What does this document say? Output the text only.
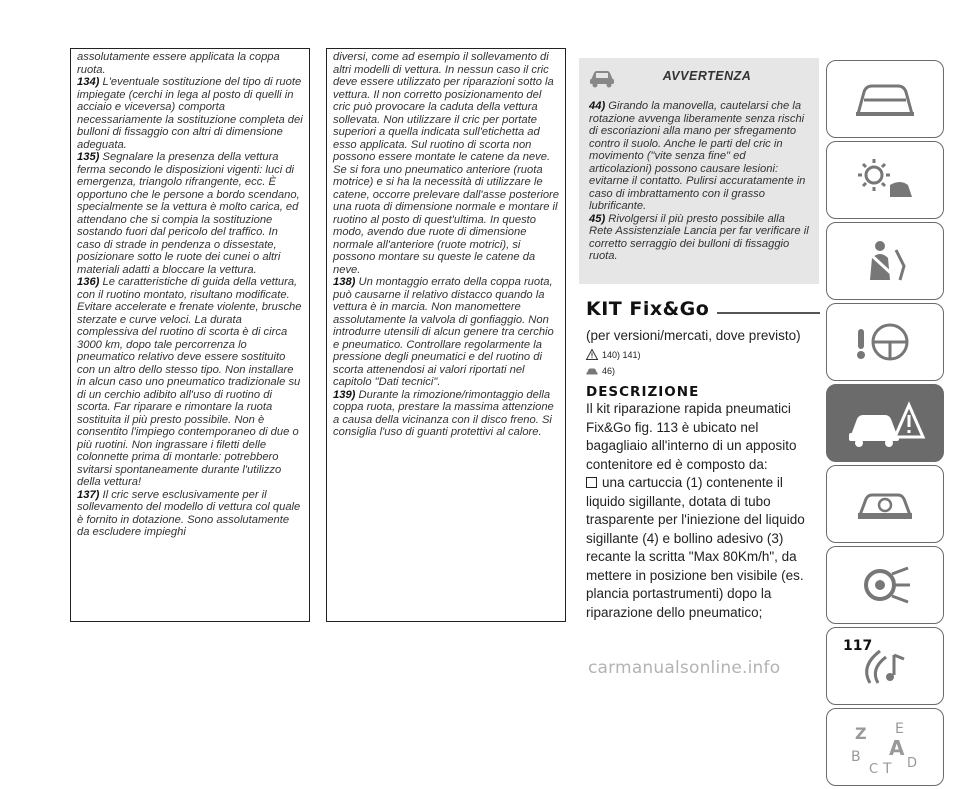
assolutamente essere applicata la coppa ruota.

134) L'eventuale sostituzione del tipo di ruote impiegate (cerchi in lega al posto di quelli in acciaio e viceversa) comporta necessariamente la sostituzione completa dei bulloni di fissaggio con altri di dimensione adeguata.

135) Segnalare la presenza della vettura ferma secondo le disposizioni vigenti: luci di emergenza, triangolo rifrangente, ecc. È opportuno che le persone a bordo scendano, specialmente se la vettura è molto carica, ed attendano che si compia la sostituzione sostando fuori dal pericolo del traffico. In caso di strade in pendenza o dissestate, posizionare sotto le ruote dei cunei o altri materiali adatti a bloccare la vettura.

136) Le caratteristiche di guida della vettura, con il ruotino montato, risultano modificate. Evitare accelerate e frenate violente, brusche sterzate e curve veloci. La durata complessiva del ruotino di scorta è di circa 3000 km, dopo tale percorrenza lo pneumatico relativo deve essere sostituito con un altro dello stesso tipo. Non installare in alcun caso uno pneumatico tradizionale su di un cerchio adibito all'uso di ruotino di scorta. Far riparare e rimontare la ruota sostituita il più presto possibile. Non è consentito l'impiego contemporaneo di due o più ruotini. Non ingrassare i filetti delle colonnette prima di montarle: potrebbero svitarsi spontaneamente durante l'utilizzo della vettura!

137) Il cric serve esclusivamente per il sollevamento del modello di vettura col quale è fornito in dotazione. Sono assolutamente da escludere impieghi

diversi, come ad esempio il sollevamento di altri modelli di vettura. In nessun caso il cric deve essere utilizzato per riparazioni sotto la vettura. Il non corretto posizionamento del cric può provocare la caduta della vettura sollevata. Non utilizzare il cric per portate superiori a quella indicata sull'etichetta ad esso applicata. Sul ruotino di scorta non possono essere montate le catene da neve. Se si fora uno pneumatico anteriore (ruota motrice) e si ha la necessità di utilizzare le catene, occorre prelevare dall'asse posteriore una ruota di dimensione normale e montare il ruotino al posto di quest'ultima. In questo modo, avendo due ruote di dimensione normale all'anteriore (ruote motrici), si possono montare su queste le catene da neve.

138) Un montaggio errato della coppa ruota, può causarne il relativo distacco quando la vettura è in marcia. Non manomettere assolutamente la valvola di gonfiaggio. Non introdurre utensili di alcun genere tra cerchio e pneumatico. Controllare regolarmente la pressione degli pneumatici e del ruotino di scorta attenendosi ai valori riportati nel capitolo "Dati tecnici".

139) Durante la rimozione/rimontaggio della coppa ruota, prestare la massima attenzione a causa della vicinanza con il disco freno. Si consiglia l'uso di guanti protettivi al calore.

AVVERTENZA

44) Girando la manovella, cautelarsi che la rotazione avvenga liberamente senza rischi di escoriazioni alla mano per sfregamento contro il suolo. Anche le parti del cric in movimento ("vite senza fine" ed articolazioni) possono causare lesioni: evitarne il contatto. Pulirsi accuratamente in caso di imbrattamento con il grasso lubrificante.

45) Rivolgersi il più presto possibile alla Rete Assistenziale Lancia per far verificare il corretto serraggio dei bulloni di fissaggio ruota.

KIT Fix&Go
(per versioni/mercati, dove previsto)
140) 141)
46)
DESCRIZIONE
Il kit riparazione rapida pneumatici Fix&Go fig. 113 è ubicato nel bagagliaio all'interno di un apposito contenitore ed è composto da:
una cartuccia (1) contenente il liquido sigillante, dotata di tubo trasparente per l'iniezione del liquido sigillante (4) e bollino adesivo (3) recante la scritta "Max 80Km/h", da mettere in posizione ben visibile (es. plancia portastrumenti) dopo la riparazione dello pneumatico;
Z E
B A
C T D
117
carmanualsonline.info
